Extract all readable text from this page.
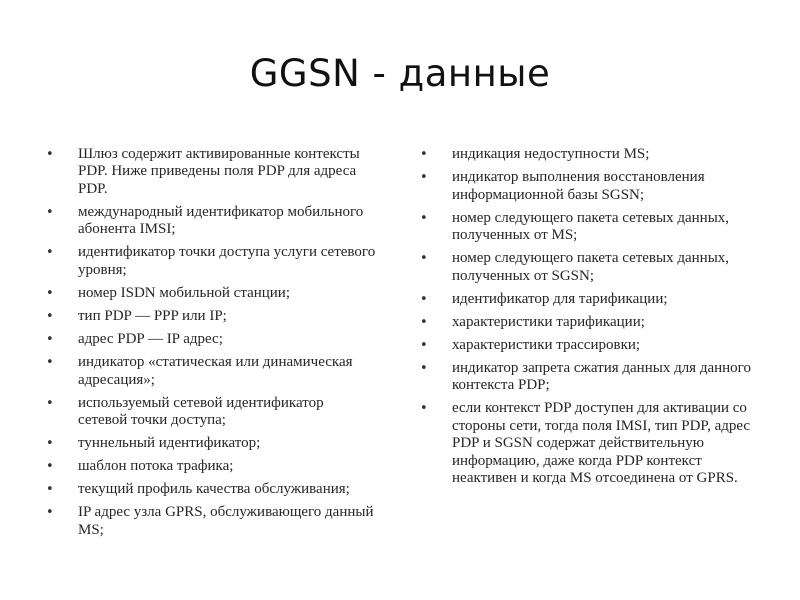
GGSN - данные
• Шлюз содержит активированные контексты PDP. Ниже приведены поля PDP для адреса PDP.
• международный идентификатор мобильного абонента IMSI;
• идентификатор точки доступа услуги сетевого уровня;
• номер ISDN мобильной станции;
• тип PDP — PPP или IP;
• адрес PDP — IP адрес;
• индикатор «статическая или динамическая адресация»;
• используемый сетевой идентификатор сетевой точки доступа;
• туннельный идентификатор;
• шаблон потока трафика;
• текущий профиль качества обслуживания;
• IP адрес узла GPRS, обслуживающего данный MS;
• индикация недоступности MS;
• индикатор выполнения восстановления информационной базы SGSN;
• номер следующего пакета сетевых данных, полученных от MS;
• номер следующего пакета сетевых данных, полученных от SGSN;
• идентификатор для тарификации;
• характеристики тарификации;
• характеристики трассировки;
• индикатор запрета сжатия данных для данного контекста PDP;
• если контекст PDP доступен для активации со стороны сети, тогда поля IMSI, тип PDP, адрес PDP и SGSN содержат действительную информацию, даже когда PDP контекст неактивен и когда MS отсоединена от GPRS.
